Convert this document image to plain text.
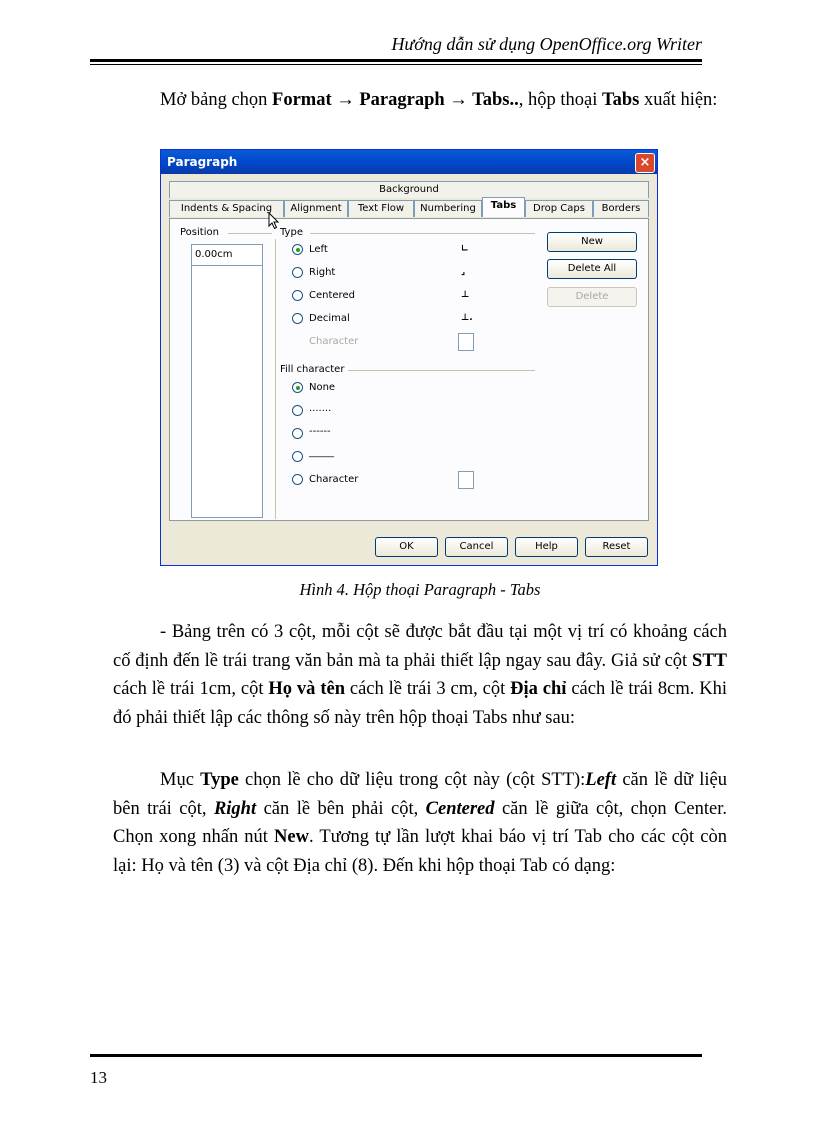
Hướng dẫn sử dụng OpenOffice.org Writer
Mở bảng chọn Format → Paragraph → Tabs.., hộp thoại Tabs xuất hiện:
Paragraph	×
Background
Indents & Spacing	Alignment	Text Flow	Numbering	Tabs	Drop Caps	Borders
Position
0.00cm
Type
Left	∟
Right	⌟
Centered	⊥
Decimal	⊥.
Character
Fill character
None
.......
------
_____
Character
New
Delete All
Delete
OK	Cancel	Help	Reset
Hình 4. Hộp thoại Paragraph - Tabs
- Bảng trên có 3 cột, mỗi cột sẽ được bắt đầu tại một vị trí có khoảng cách cố định đến lề trái trang văn bản mà ta phải thiết lập ngay sau đây. Giả sử cột STT cách lề trái 1cm, cột Họ và tên cách lề trái 3 cm, cột Địa chỉ cách lề trái 8cm. Khi đó phải thiết lập các thông số này trên hộp thoại Tabs như sau:
Mục Type chọn lề cho dữ liệu trong cột này (cột STT):Left căn lề dữ liệu bên trái cột, Right căn lề bên phải cột, Centered căn lề giữa cột, chọn Center. Chọn xong nhấn nút New. Tương tự lần lượt khai báo vị trí Tab cho các cột còn lại: Họ và tên (3) và cột Địa chỉ (8). Đến khi hộp thoại Tab có dạng:
13
